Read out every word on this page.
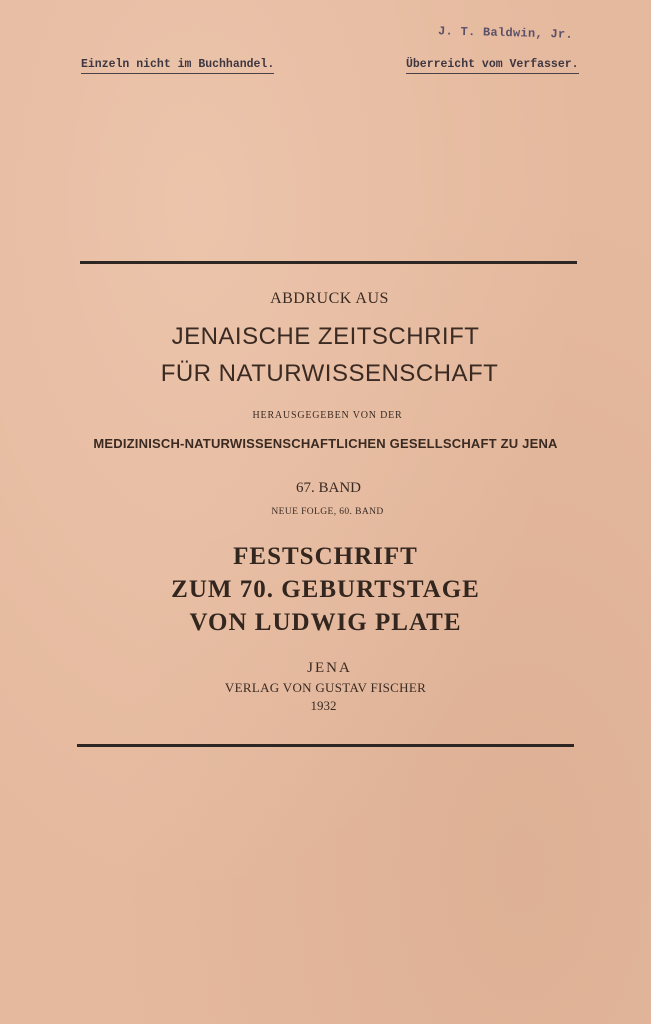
J. T. Baldwin, Jr.
Einzeln nicht im Buchhandel.	Überreicht vom Verfasser.

ABDRUCK AUS

JENAISCHE ZEITSCHRIFT

FÜR NATURWISSENSCHAFT

HERAUSGEGEBEN VON DER

MEDIZINISCH-NATURWISSENSCHAFTLICHEN GESELLSCHAFT ZU JENA

67. BAND

NEUE FOLGE, 60. BAND

FESTSCHRIFT

ZUM 70. GEBURTSTAGE

VON LUDWIG PLATE

JENA

VERLAG VON GUSTAV FISCHER

1932
